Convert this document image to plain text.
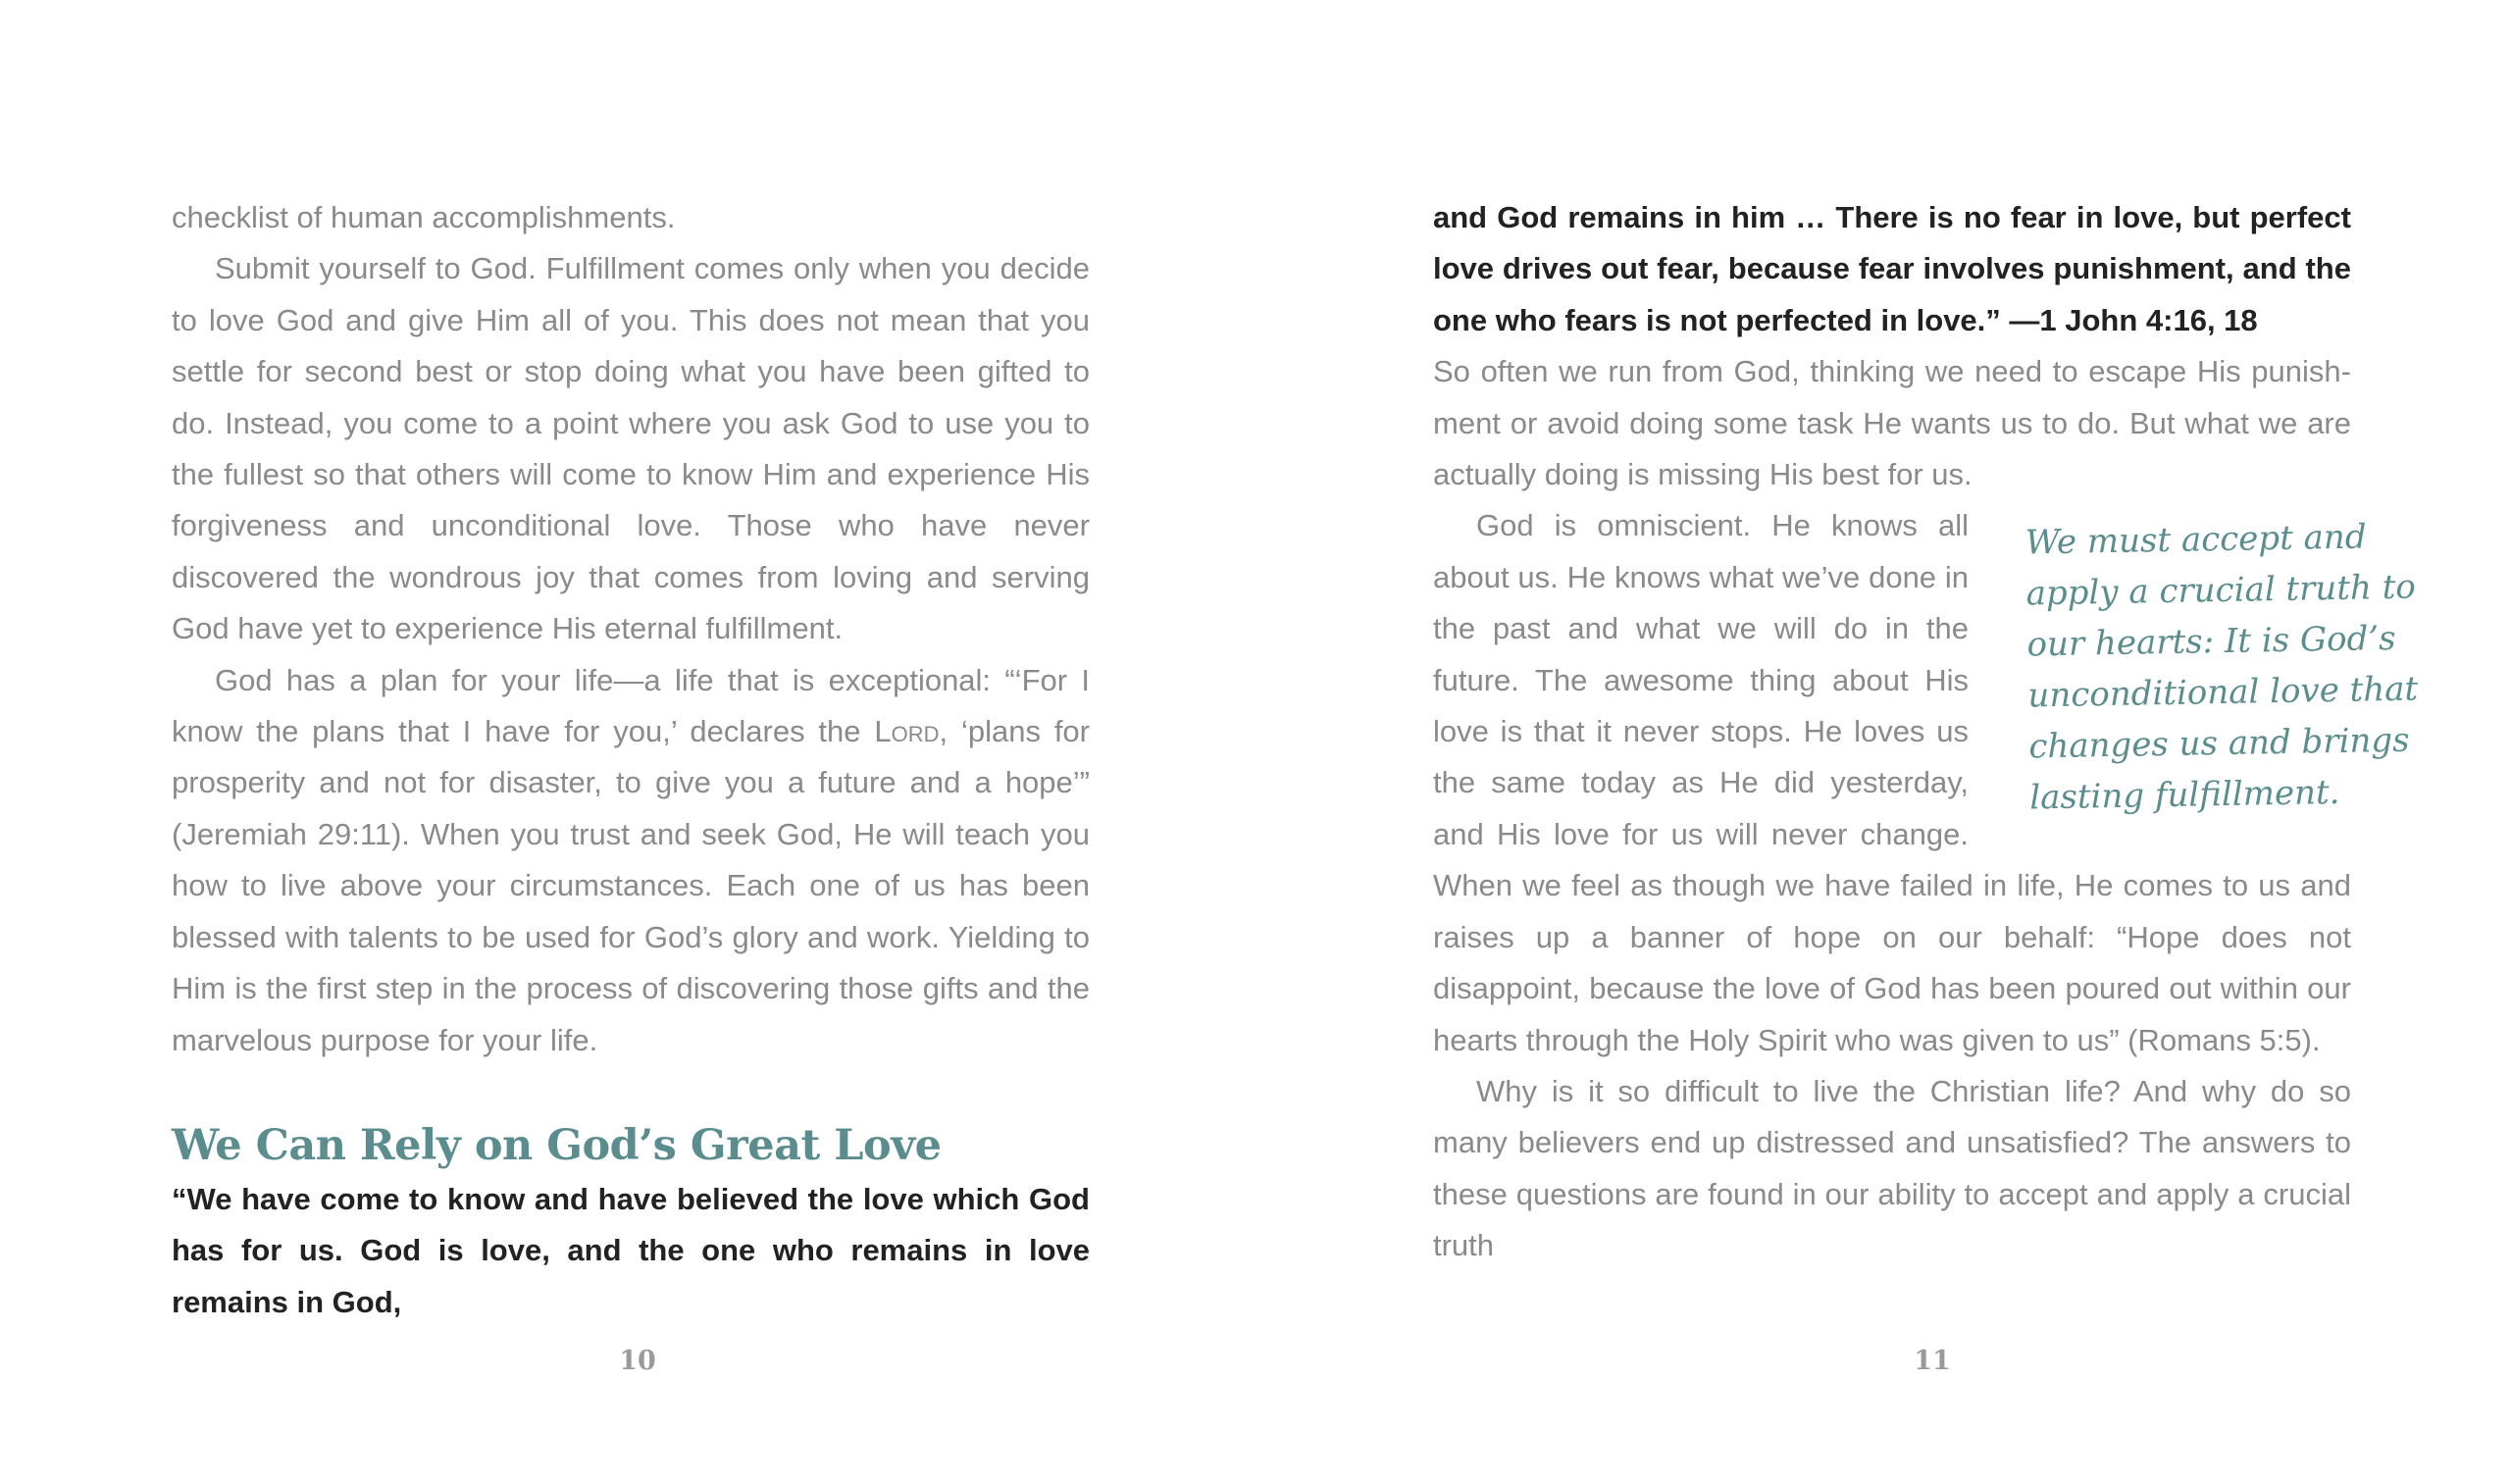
checklist of human accomplishments.

Submit yourself to God. Fulfillment comes only when you decide to love God and give Him all of you. This does not mean that you settle for second best or stop doing what you have been gifted to do. Instead, you come to a point where you ask God to use you to the fullest so that others will come to know Him and experience His forgiveness and unconditional love. Those who have never discovered the wondrous joy that comes from loving and serving God have yet to experience His eternal fulfillment.

God has a plan for your life—a life that is exceptional: “‘For I know the plans that I have for you,’ declares the Lord, ‘plans for prosperity and not for disaster, to give you a future and a hope’” (Jeremiah 29:11). When you trust and seek God, He will teach you how to live above your circumstances. Each one of us has been blessed with talents to be used for God’s glory and work. Yielding to Him is the first step in the process of discovering those gifts and the marvelous purpose for your life.

We Can Rely on God’s Great Love

“We have come to know and have believed the love which God has for us. God is love, and the one who remains in love remains in God,

10

and God remains in him … There is no fear in love, but perfect love drives out fear, because fear involves punishment, and the one who fears is not perfected in love.” —1 John 4:16, 18

So often we run from God, thinking we need to escape His punishment or avoid doing some task He wants us to do. But what we are actually doing is missing His best for us.

We must accept and apply a crucial truth to our hearts: It is God’s unconditional love that changes us and brings lasting fulfillment.

God is omniscient. He knows all about us. He knows what we’ve done in the past and what we will do in the future. The awesome thing about His love is that it never stops. He loves us the same today as He did yesterday, and His love for us will never change. When we feel as though we have failed in life, He comes to us and raises up a banner of hope on our behalf: “Hope does not disappoint, because the love of God has been poured out within our hearts through the Holy Spirit who was given to us” (Romans 5:5).

Why is it so difficult to live the Christian life? And why do so many believers end up distressed and unsatisfied? The answers to these questions are found in our ability to accept and apply a crucial truth

11
